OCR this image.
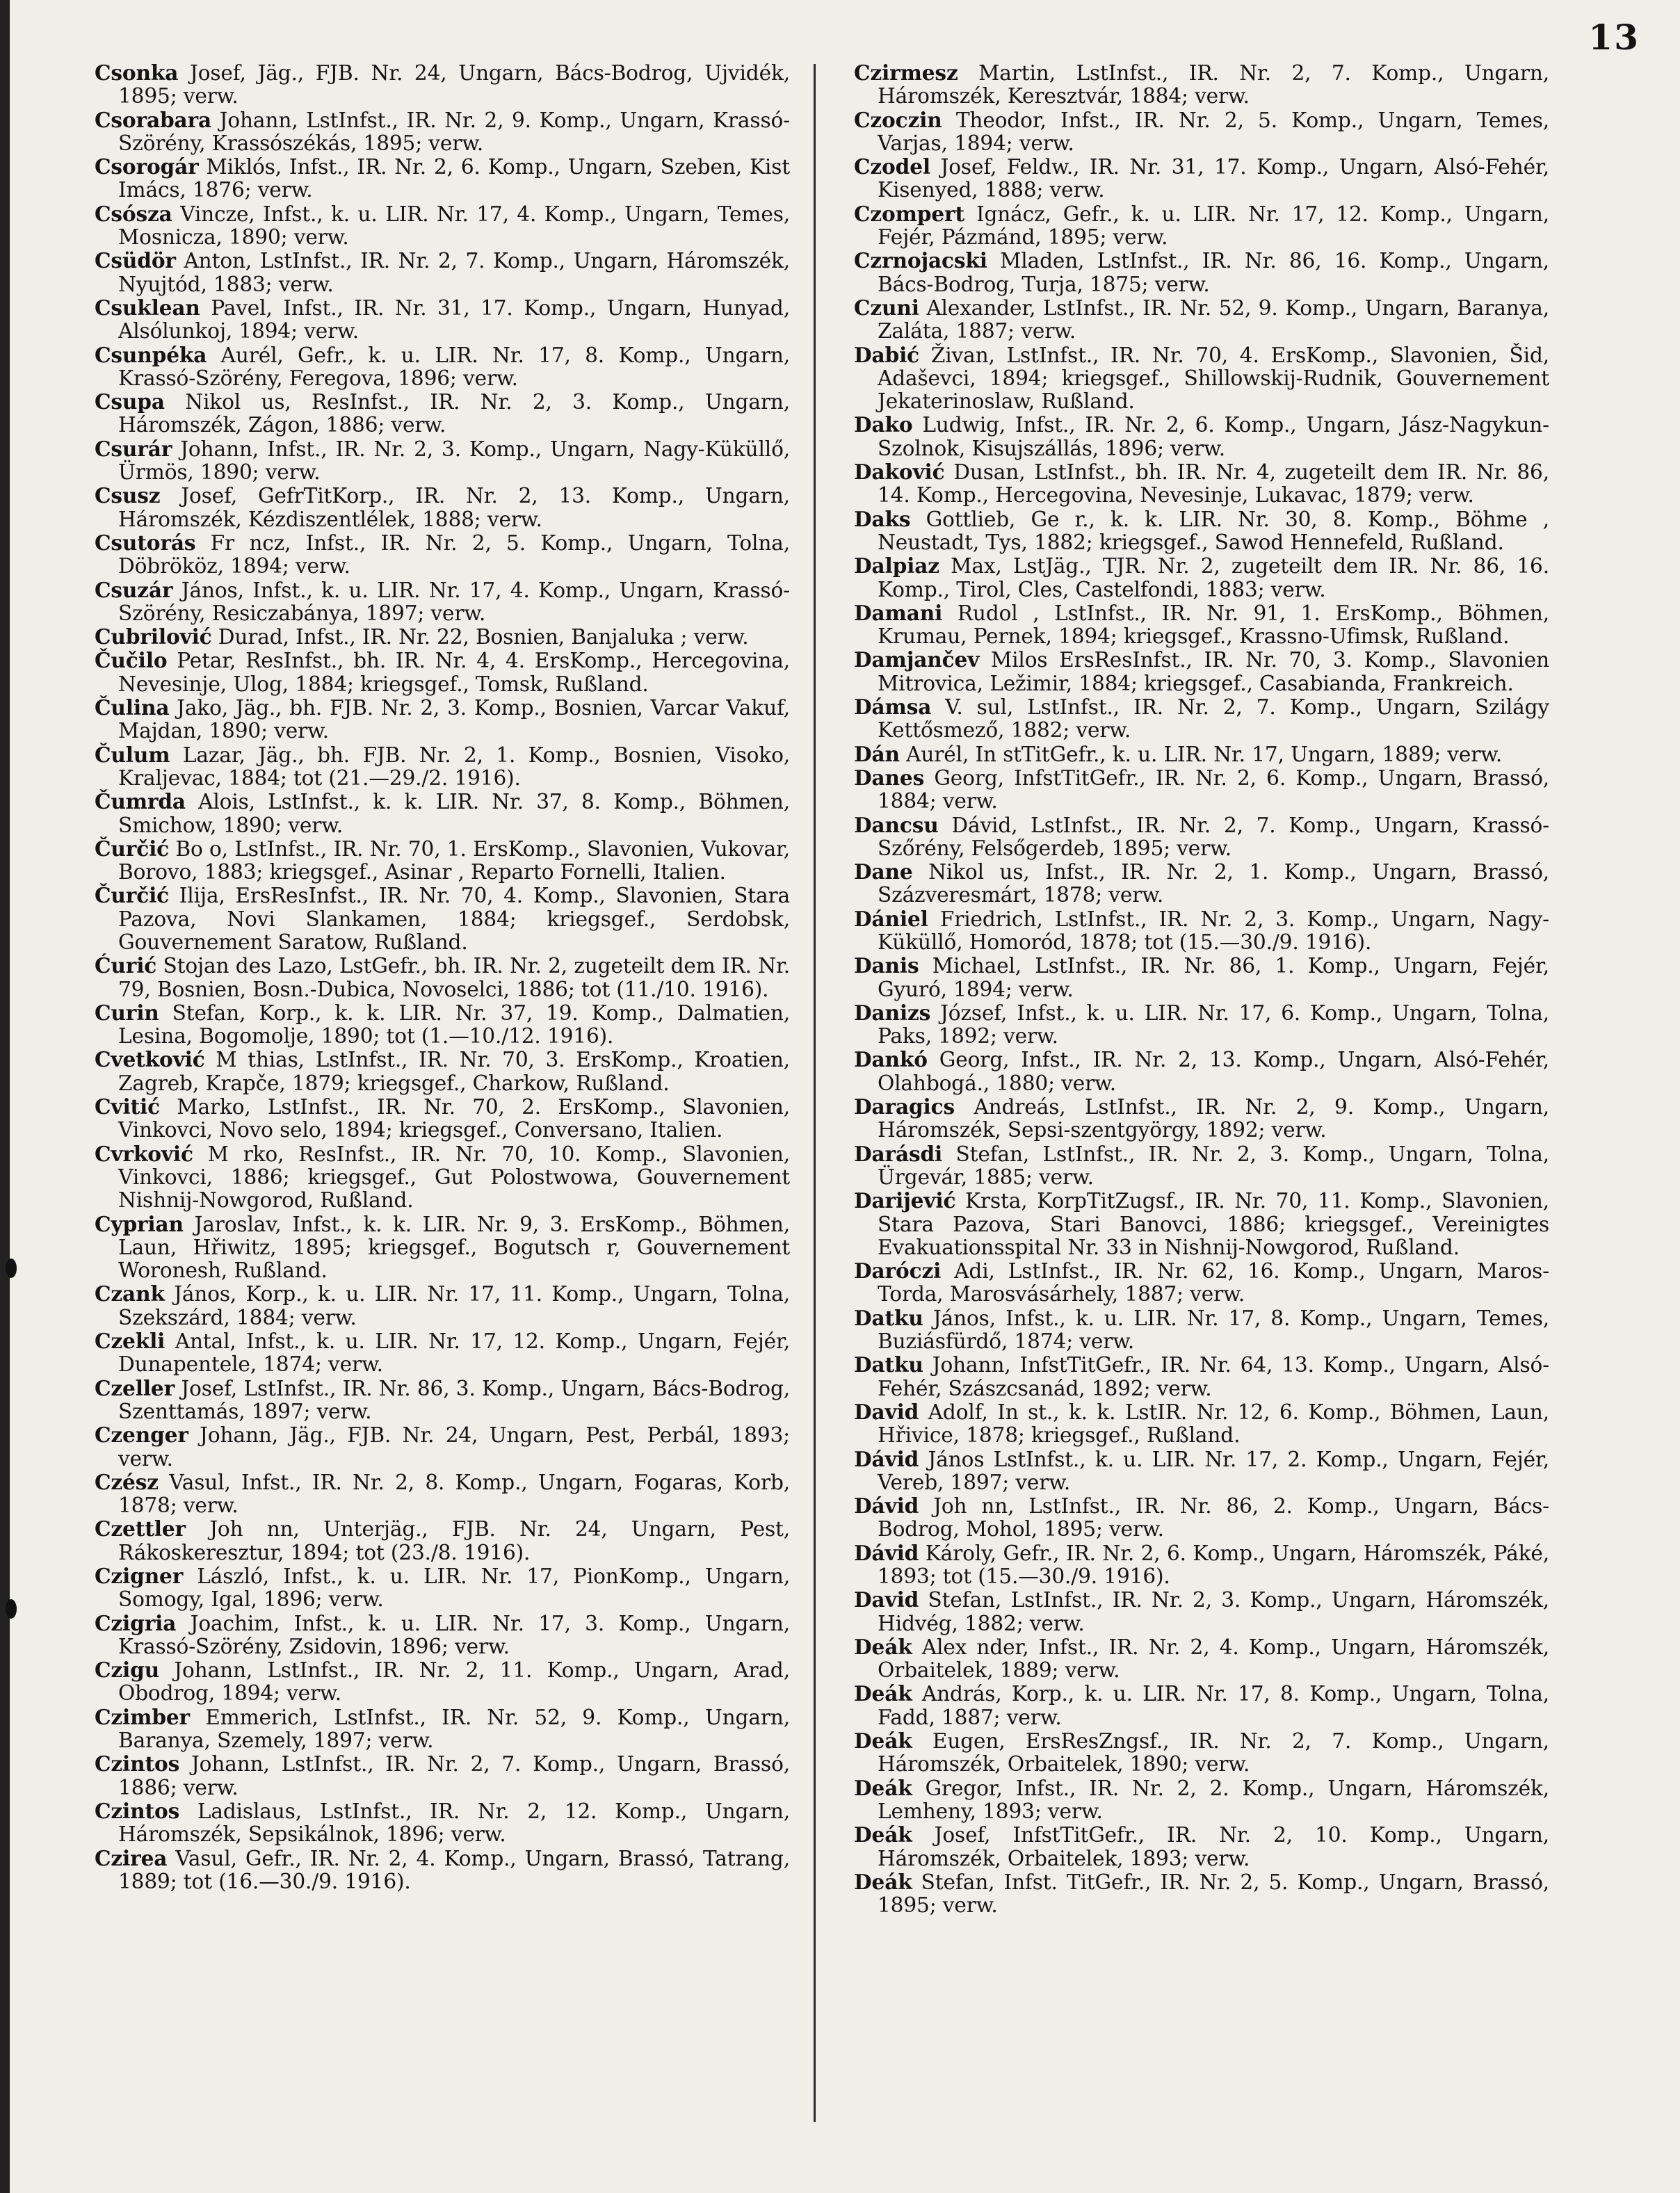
13
Csonka Josef, Jäg., FJB. Nr. 24, Ungarn, Bács-Bodrog, Ujvidék, 1895; verw.
Csorabara Johann, LstInfst., IR. Nr. 2, 9. Komp., Ungarn, Krassó-Szörény, Krassószékás, 1895; verw.
Csorogár Miklós, Infst., IR. Nr. 2, 6. Komp., Ungarn, Szeben, Kist Imács, 1876; verw.
Csósza Vincze, Infst., k. u. LIR. Nr. 17, 4. Komp., Ungarn, Temes, Mosnicza, 1890; verw.
Csüdör Anton, LstInfst., IR. Nr. 2, 7. Komp., Ungarn, Háromszék, Nyujtód, 1883; verw.
Csuklean Pavel, Infst., IR. Nr. 31, 17. Komp., Ungarn, Hunyad, Alsólunkoj, 1894; verw.
Csunpéka Aurél, Gefr., k. u. LIR. Nr. 17, 8. Komp., Ungarn, Krassó-Szörény, Feregova, 1896; verw.
Csupa Nikol us, ResInfst., IR. Nr. 2, 3. Komp., Ungarn, Háromszék, Zágon, 1886; verw.
Csurár Johann, Infst., IR. Nr. 2, 3. Komp., Ungarn, Nagy-Küküllő, Ürmös, 1890; verw.
Csusz Josef, GefrTitKorp., IR. Nr. 2, 13. Komp., Ungarn, Háromszék, Kézdiszentlélek, 1888; verw.
Csutorás Fr ncz, Infst., IR. Nr. 2, 5. Komp., Ungarn, Tolna, Döbrököz, 1894; verw.
Csuzár János, Infst., k. u. LIR. Nr. 17, 4. Komp., Ungarn, Krassó-Szörény, Resiczabánya, 1897; verw.
Cubrilović Durad, Infst., IR. Nr. 22, Bosnien, Banjaluka ; verw.
Čučilo Petar, ResInfst., bh. IR. Nr. 4, 4. ErsKomp., Hercegovina, Nevesinje, Ulog, 1884; kriegsgef., Tomsk, Rußland.
Čulina Jako, Jäg., bh. FJB. Nr. 2, 3. Komp., Bosnien, Varcar Vakuf, Majdan, 1890; verw.
Čulum Lazar, Jäg., bh. FJB. Nr. 2, 1. Komp., Bosnien, Visoko, Kraljevac, 1884; tot (21.—29./2. 1916).
Čumrda Alois, LstInfst., k. k. LIR. Nr. 37, 8. Komp., Böhmen, Smichow, 1890; verw.
Čurčić Bo o, LstInfst., IR. Nr. 70, 1. ErsKomp., Slavonien, Vukovar, Borovo, 1883; kriegsgef., Asinar , Reparto Fornelli, Italien.
Čurčić Ilija, ErsResInfst., IR. Nr. 70, 4. Komp., Slavonien, Stara Pazova, Novi Slankamen, 1884; kriegsgef., Serdobsk, Gouvernement Saratow, Rußland.
Ćurić Stojan des Lazo, LstGefr., bh. IR. Nr. 2, zugeteilt dem IR. Nr. 79, Bosnien, Bosn.-Dubica, Novoselci, 1886; tot (11./10. 1916).
Curin Stefan, Korp., k. k. LIR. Nr. 37, 19. Komp., Dalmatien, Lesina, Bogomolje, 1890; tot (1.—10./12. 1916).
Cvetković M thias, LstInfst., IR. Nr. 70, 3. ErsKomp., Kroatien, Zagreb, Krapče, 1879; kriegsgef., Charkow, Rußland.
Cvitić Marko, LstInfst., IR. Nr. 70, 2. ErsKomp., Slavonien, Vinkovci, Novo selo, 1894; kriegsgef., Conversano, Italien.
Cvrković M rko, ResInfst., IR. Nr. 70, 10. Komp., Slavonien, Vinkovci, 1886; kriegsgef., Gut Polostwowa, Gouvernement Nishnij-Nowgorod, Rußland.
Cyprian Jaroslav, Infst., k. k. LIR. Nr. 9, 3. ErsKomp., Böhmen, Laun, Hřiwitz, 1895; kriegsgef., Bogutsch r, Gouvernement Woronesh, Rußland.
Czank János, Korp., k. u. LIR. Nr. 17, 11. Komp., Ungarn, Tolna, Szekszárd, 1884; verw.
Czekli Antal, Infst., k. u. LIR. Nr. 17, 12. Komp., Ungarn, Fejér, Dunapentele, 1874; verw.
Czeller Josef, LstInfst., IR. Nr. 86, 3. Komp., Ungarn, Bács-Bodrog, Szenttamás, 1897; verw.
Czenger Johann, Jäg., FJB. Nr. 24, Ungarn, Pest, Perbál, 1893; verw.
Czész Vasul, Infst., IR. Nr. 2, 8. Komp., Ungarn, Fogaras, Korb, 1878; verw.
Czettler Joh nn, Unterjäg., FJB. Nr. 24, Ungarn, Pest, Rákoskeresztur, 1894; tot (23./8. 1916).
Czigner László, Infst., k. u. LIR. Nr. 17, PionKomp., Ungarn, Somogy, Igal, 1896; verw.
Czigria Joachim, Infst., k. u. LIR. Nr. 17, 3. Komp., Ungarn, Krassó-Szörény, Zsidovin, 1896; verw.
Czigu Johann, LstInfst., IR. Nr. 2, 11. Komp., Ungarn, Arad, Obodrog, 1894; verw.
Czimber Emmerich, LstInfst., IR. Nr. 52, 9. Komp., Ungarn, Baranya, Szemely, 1897; verw.
Czintos Johann, LstInfst., IR. Nr. 2, 7. Komp., Ungarn, Brassó, 1886; verw.
Czintos Ladislaus, LstInfst., IR. Nr. 2, 12. Komp., Ungarn, Háromszék, Sepsikálnok, 1896; verw.
Czirea Vasul, Gefr., IR. Nr. 2, 4. Komp., Ungarn, Brassó, Tatrang, 1889; tot (16.—30./9. 1916).
Czirmesz Martin, LstInfst., IR. Nr. 2, 7. Komp., Ungarn, Háromszék, Keresztvár, 1884; verw.
Czoczin Theodor, Infst., IR. Nr. 2, 5. Komp., Ungarn, Temes, Varjas, 1894; verw.
Czodel Josef, Feldw., IR. Nr. 31, 17. Komp., Ungarn, Alsó-Fehér, Kisenyed, 1888; verw.
Czompert Ignácz, Gefr., k. u. LIR. Nr. 17, 12. Komp., Ungarn, Fejér, Pázmánd, 1895; verw.
Czrnojacski Mladen, LstInfst., IR. Nr. 86, 16. Komp., Ungarn, Bács-Bodrog, Turja, 1875; verw.
Czuni Alexander, LstInfst., IR. Nr. 52, 9. Komp., Ungarn, Baranya, Zaláta, 1887; verw.
Dabić Živan, LstInfst., IR. Nr. 70, 4. ErsKomp., Slavonien, Šid, Adaševci, 1894; kriegsgef., Shillowskij-Rudnik, Gouvernement Jekaterinoslaw, Rußland.
Dako Ludwig, Infst., IR. Nr. 2, 6. Komp., Ungarn, Jász-Nagykun-Szolnok, Kisujszállás, 1896; verw.
Daković Dusan, LstInfst., bh. IR. Nr. 4, zugeteilt dem IR. Nr. 86, 14. Komp., Hercegovina, Nevesinje, Lukavac, 1879; verw.
Daks Gottlieb, Ge r., k. k. LIR. Nr. 30, 8. Komp., Böhme , Neustadt, Tys, 1882; kriegsgef., Sawod Hennefeld, Rußland.
Dalpiaz Max, LstJäg., TJR. Nr. 2, zugeteilt dem IR. Nr. 86, 16. Komp., Tirol, Cles, Castelfondi, 1883; verw.
Damani Rudol , LstInfst., IR. Nr. 91, 1. ErsKomp., Böhmen, Krumau, Pernek, 1894; kriegsgef., Krassno-Ufimsk, Rußland.
Damjančev Milos ErsResInfst., IR. Nr. 70, 3. Komp., Slavonien Mitrovica, Ležimir, 1884; kriegsgef., Casabianda, Frankreich.
Dámsa V. sul, LstInfst., IR. Nr. 2, 7. Komp., Ungarn, Szilágy Kettősmező, 1882; verw.
Dán Aurél, In stTitGefr., k. u. LIR. Nr. 17, Ungarn, 1889; verw.
Danes Georg, InfstTitGefr., IR. Nr. 2, 6. Komp., Ungarn, Brassó, 1884; verw.
Dancsu Dávid, LstInfst., IR. Nr. 2, 7. Komp., Ungarn, Krassó-Szőrény, Felsőgerdeb, 1895; verw.
Dane Nikol us, Infst., IR. Nr. 2, 1. Komp., Ungarn, Brassó, Százveresmárt, 1878; verw.
Dániel Friedrich, LstInfst., IR. Nr. 2, 3. Komp., Ungarn, Nagy-Küküllő, Homoród, 1878; tot (15.—30./9. 1916).
Danis Michael, LstInfst., IR. Nr. 86, 1. Komp., Ungarn, Fejér, Gyuró, 1894; verw.
Danizs József, Infst., k. u. LIR. Nr. 17, 6. Komp., Ungarn, Tolna, Paks, 1892; verw.
Dankó Georg, Infst., IR. Nr. 2, 13. Komp., Ungarn, Alsó-Fehér, Olahbogá., 1880; verw.
Daragics Andreás, LstInfst., IR. Nr. 2, 9. Komp., Ungarn, Háromszék, Sepsi-szentgyörgy, 1892; verw.
Darásdi Stefan, LstInfst., IR. Nr. 2, 3. Komp., Ungarn, Tolna, Ürgevár, 1885; verw.
Darijević Krsta, KorpTitZugsf., IR. Nr. 70, 11. Komp., Slavonien, Stara Pazova, Stari Banovci, 1886; kriegsgef., Vereinigtes Evakuationsspital Nr. 33 in Nishnij-Nowgorod, Rußland.
Daróczi Adi, LstInfst., IR. Nr. 62, 16. Komp., Ungarn, Maros-Torda, Marosvásárhely, 1887; verw.
Datku János, Infst., k. u. LIR. Nr. 17, 8. Komp., Ungarn, Temes, Buziásfürdő, 1874; verw.
Datku Johann, InfstTitGefr., IR. Nr. 64, 13. Komp., Ungarn, Alsó-Fehér, Szászcsanád, 1892; verw.
David Adolf, In st., k. k. LstIR. Nr. 12, 6. Komp., Böhmen, Laun, Hřivice, 1878; kriegsgef., Rußland.
Dávid János LstInfst., k. u. LIR. Nr. 17, 2. Komp., Ungarn, Fejér, Vereb, 1897; verw.
Dávid Joh nn, LstInfst., IR. Nr. 86, 2. Komp., Ungarn, Bács-Bodrog, Mohol, 1895; verw.
Dávid Károly, Gefr., IR. Nr. 2, 6. Komp., Ungarn, Háromszék, Páké, 1893; tot (15.—30./9. 1916).
David Stefan, LstInfst., IR. Nr. 2, 3. Komp., Ungarn, Háromszék, Hidvég, 1882; verw.
Deák Alex nder, Infst., IR. Nr. 2, 4. Komp., Ungarn, Háromszék, Orbaitelek, 1889; verw.
Deák András, Korp., k. u. LIR. Nr. 17, 8. Komp., Ungarn, Tolna, Fadd, 1887; verw.
Deák Eugen, ErsResZngsf., IR. Nr. 2, 7. Komp., Ungarn, Háromszék, Orbaitelek, 1890; verw.
Deák Gregor, Infst., IR. Nr. 2, 2. Komp., Ungarn, Háromszék, Lemheny, 1893; verw.
Deák Josef, InfstTitGefr., IR. Nr. 2, 10. Komp., Ungarn, Háromszék, Orbaitelek, 1893; verw.
Deák Stefan, Infst. TitGefr., IR. Nr. 2, 5. Komp., Ungarn, Brassó, 1895; verw.
